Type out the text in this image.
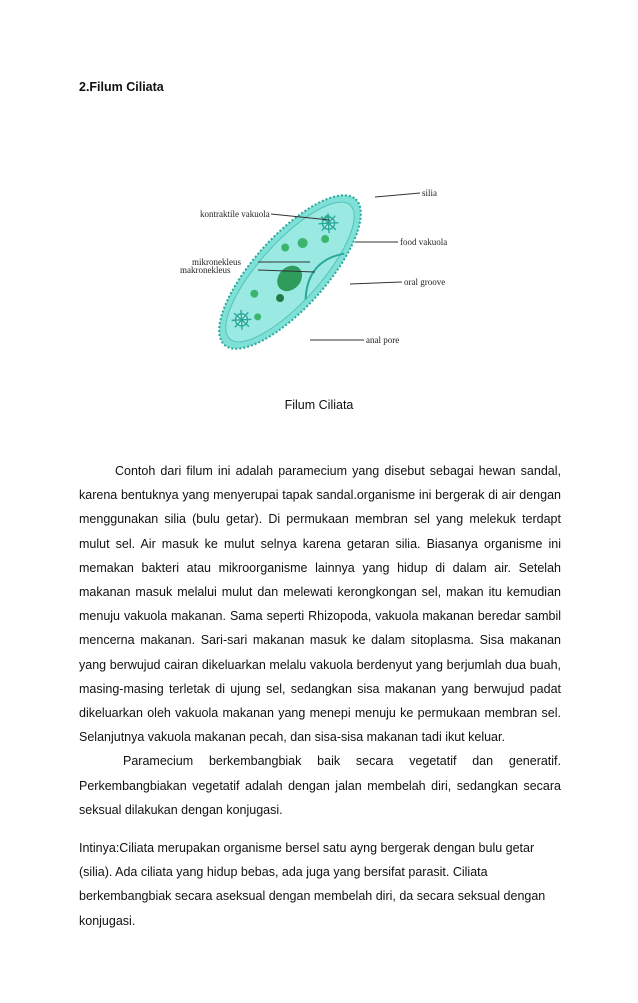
2.Filum Ciliata
silia
kontraktile vakuola
food vakuola
mikronekleus
makronekleus
oral groove
anal pore
Filum Ciliata

Contoh dari filum ini adalah paramecium yang disebut sebagai hewan sandal, karena bentuknya yang menyerupai tapak sandal.organisme ini bergerak di air dengan menggunakan silia (bulu getar). Di permukaan membran sel yang melekuk terdapt mulut sel. Air masuk ke mulut selnya karena getaran silia. Biasanya organisme ini memakan bakteri atau mikroorganisme lainnya yang hidup di dalam air. Setelah makanan masuk melalui mulut dan melewati kerongkongan sel, makan itu kemudian menuju vakuola makanan. Sama seperti Rhizopoda, vakuola makanan beredar sambil mencerna makanan. Sari-sari makanan masuk ke dalam sitoplasma. Sisa makanan yang berwujud cairan dikeluarkan melalu vakuola berdenyut yang berjumlah dua buah, masing-masing terletak di ujung sel, sedangkan sisa makanan yang berwujud padat dikeluarkan oleh vakuola makanan yang menepi menuju ke permukaan membran sel. Selanjutnya vakuola makanan pecah, dan sisa-sisa makanan tadi ikut keluar.

Paramecium berkembangbiak baik secara vegetatif dan generatif. Perkembangbiakan vegetatif adalah dengan jalan membelah diri, sedangkan secara seksual dilakukan dengan konjugasi.

Intinya:Ciliata merupakan organisme bersel satu ayng bergerak dengan bulu getar (silia). Ada ciliata yang hidup bebas, ada juga yang bersifat parasit. Ciliata berkembangbiak secara aseksual dengan membelah diri, da secara seksual dengan konjugasi.
